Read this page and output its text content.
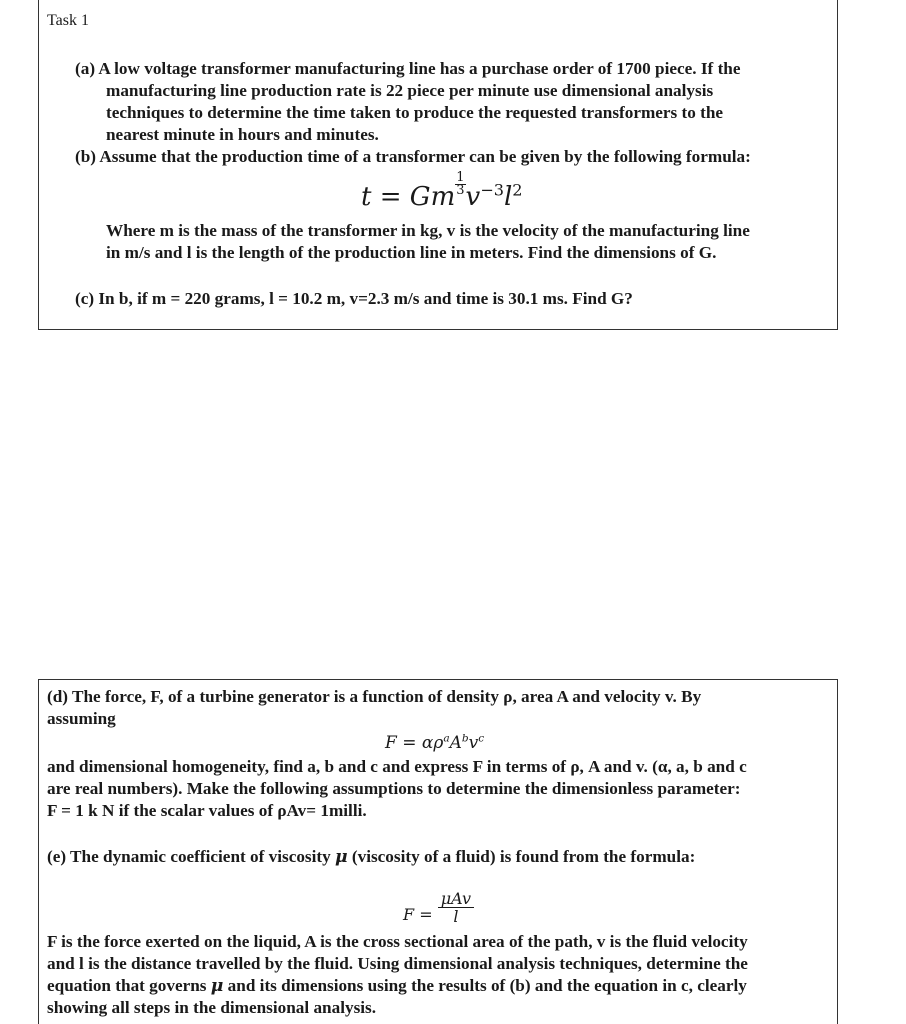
Task 1
(a) A low voltage transformer manufacturing line has a purchase order of 1700 piece. If the
manufacturing line production rate is 22 piece per minute use dimensional analysis
techniques to determine the time taken to produce the requested transformers to the
nearest minute in hours and minutes.
(b) Assume that the production time of a transformer can be given by the following formula:
t = Gm $\frac{1}{3} v^{-3}l^2$
Where m is the mass of the transformer in kg, v is the velocity of the manufacturing line
in m/s and l is the length of the production line in meters. Find the dimensions of G.
(c) In b, if m = 220 grams, l = 10.2 m, v=2.3 m/s and time is 30.1 ms. Find G?
(d) The force, F, of a turbine generator is a function of density ρ, area A and velocity v. By
assuming
$F = \alpha\rho^aA^bv^c$
and dimensional homogeneity, find a, b and c and express F in terms of ρ, A and v. (α, a, b and c
are real numbers). Make the following assumptions to determine the dimensionless parameter:
F = 1 k N if the scalar values of ρAv= 1milli.
(e) The dynamic coefficient of viscosity μ (viscosity of a fluid) is found from the formula:
F =
μAv
l
F is the force exerted on the liquid, A is the cross sectional area of the path, v is the fluid velocity
and l is the distance travelled by the fluid. Using dimensional analysis techniques, determine the
equation that governs μ and its dimensions using the results of (b) and the equation in c, clearly
showing all steps in the dimensional analysis.
